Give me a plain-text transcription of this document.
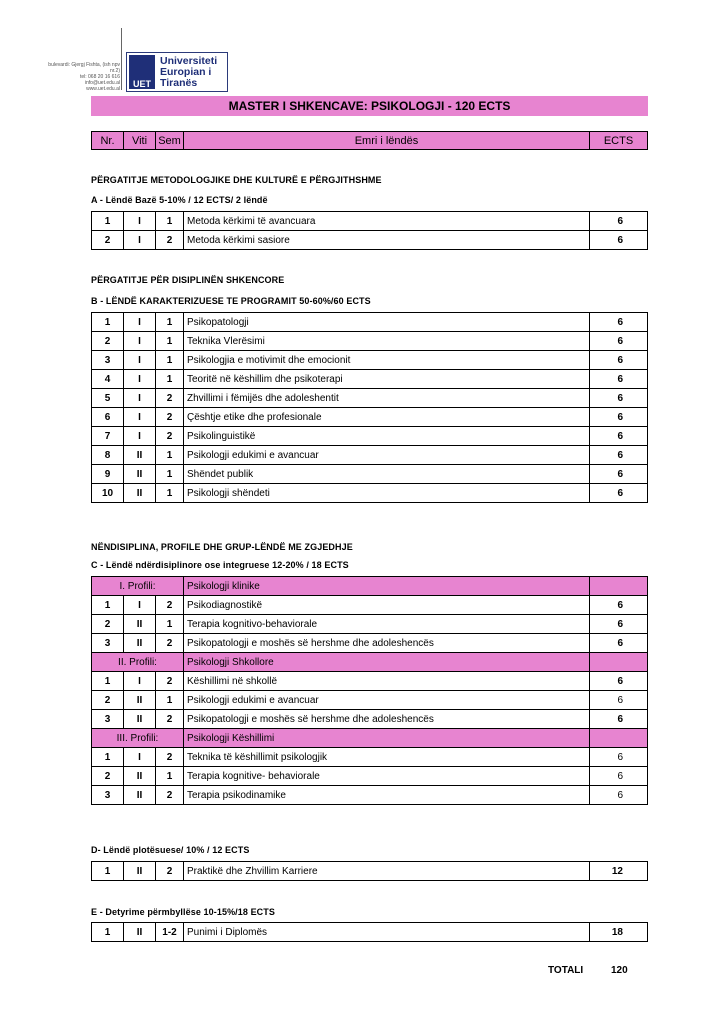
bulevardi: Gjergj Fishta, (ish npv nr.2)
tel: 068 20 16 616
info@uet.edu.al
www.uet.edu.al	UET
Universiteti
Europian i
Tiranës
MASTER I SHKENCAVE: PSIKOLOGJI - 120 ECTS
Nr.	Viti	Sem	Emri i lëndës	ECTS
PËRGATITJE METODOLOGJIKE DHE KULTURË E PËRGJITHSHME
A - Lëndë Bazë 5-10% / 12 ECTS/ 2 lëndë
1	I	1	Metoda kërkimi të avancuara	6
2	I	2	Metoda kërkimi sasiore	6
PËRGATITJE PËR DISIPLINËN SHKENCORE
B - LËNDË KARAKTERIZUESE TE PROGRAMIT 50-60%/60 ECTS
1	I	1	Psikopatologji	6
2	I	1	Teknika Vlerësimi	6
3	I	1	Psikologjia e motivimit dhe emocionit	6
4	I	1	Teoritë në këshillim dhe psikoterapi	6
5	I	2	Zhvillimi i fëmijës dhe adoleshentit	6
6	I	2	Çështje etike dhe profesionale	6
7	I	2	Psikolinguistikë	6
8	II	1	Psikologji edukimi e avancuar	6
9	II	1	Shëndet publik	6
10	II	1	Psikologji shëndeti	6
NËNDISIPLINA, PROFILE DHE GRUP-LËNDË ME ZGJEDHJE
C - Lëndë ndërdisiplinore ose integruese 12-20% / 18 ECTS
I. Profili:			Psikologji klinike	
1	I	2	Psikodiagnostikë	6
2	II	1	Terapia kognitivo-behaviorale	6
3	II	2	Psikopatologji e moshës së hershme dhe adoleshencës	6
II. Profili:			Psikologji Shkollore	
1	I	2	Këshillimi në shkollë	6
2	II	1	Psikologji edukimi e avancuar	6
3	II	2	Psikopatologji e moshës së hershme dhe adoleshencës	6
III. Profili:			Psikologji Këshillimi	
1	I	2	Teknika të këshillimit psikologjik	6
2	II	1	Terapia kognitive- behaviorale	6
3	II	2	Terapia psikodinamike	6
D- Lëndë plotësuese/ 10% / 12 ECTS
1	II	2	Praktikë dhe Zhvillim Karriere	12
E - Detyrime përmbyllëse 10-15%/18 ECTS
1	II	1-2	Punimi i Diplomës	18
TOTALI	120
